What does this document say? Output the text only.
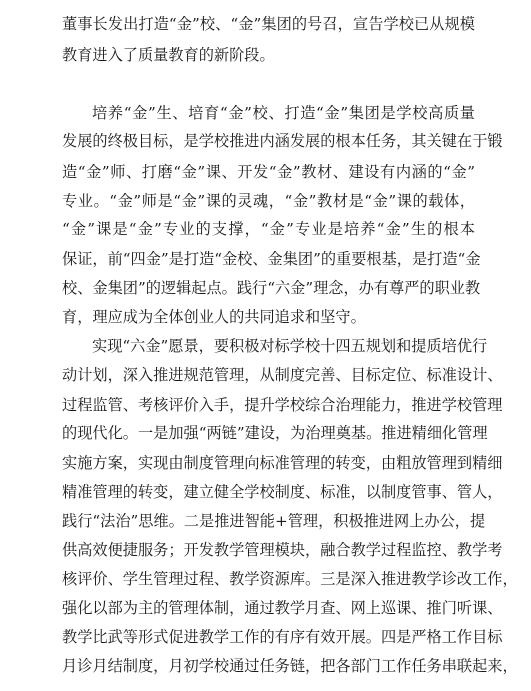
董事长发出打造“金”校、“金”集团的号召，宣告学校已从规模
教育进入了质量教育的新阶段。
培养“金”生、培育“金”校、打造“金”集团是学校高质量
发展的终极目标，是学校推进内涵发展的根本任务，其关键在于锻
造“金”师、打磨“金”课、开发“金”教材、建设有内涵的“金”
专业。“金”师是“金”课的灵魂，“金”教材是“金”课的载体，
“金”课是“金”专业的支撑，“金”专业是培养“金”生的根本
保证，前“四金”是打造“金校、金集团”的重要根基，是打造“金
校、金集团”的逻辑起点。践行“六金”理念，办有尊严的职业教
育，理应成为全体创业人的共同追求和坚守。
实现“六金”愿景，要积极对标学校十四五规划和提质培优行
动计划，深入推进规范管理，从制度完善、目标定位、标准设计、
过程监管、考核评价入手，提升学校综合治理能力，推进学校管理
的现代化。一是加强“两链”建设，为治理奠基。推进精细化管理
实施方案，实现由制度管理向标准管理的转变，由粗放管理到精细
精准管理的转变，建立健全学校制度、标准，以制度管事、管人，
践行“法治”思维。二是推进智能+管理，积极推进网上办公，提
供高效便捷服务；开发教学管理模块，融合教学过程监控、教学考
核评价、学生管理过程、教学资源库。三是深入推进教学诊改工作，
强化以部为主的管理体制，通过教学月查、网上巡课、推门听课、
教学比武等形式促进教学工作的有序有效开展。四是严格工作目标
月诊月结制度，月初学校通过任务链，把各部门工作任务串联起来，
